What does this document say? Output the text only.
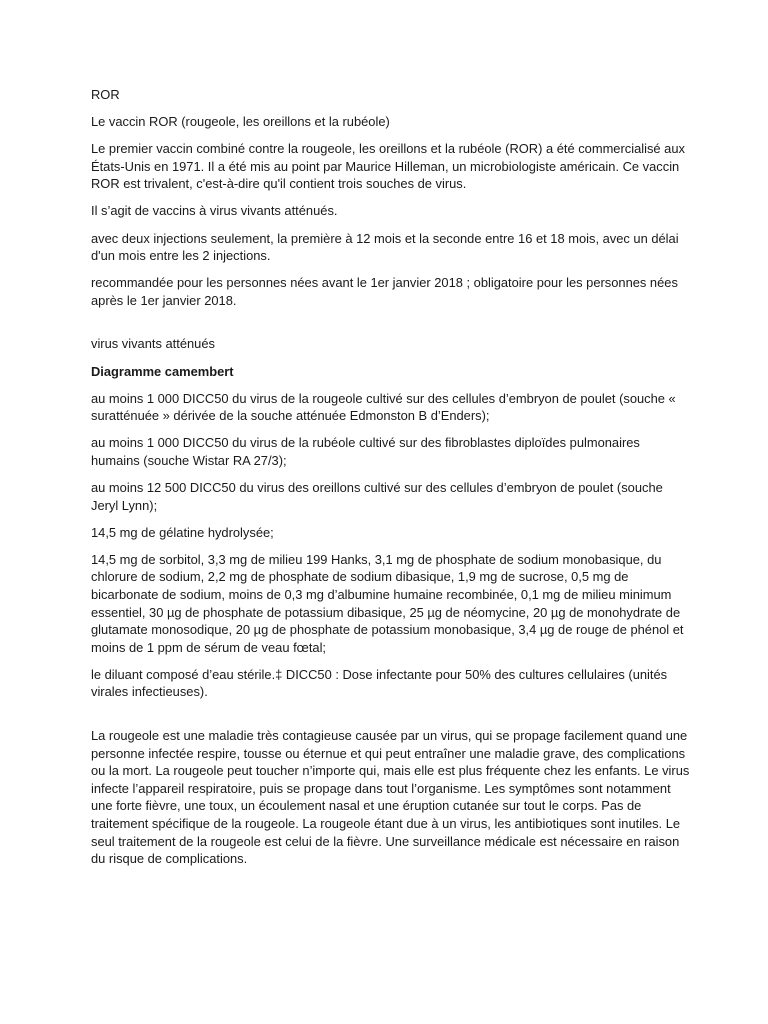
ROR

Le vaccin ROR (rougeole, les oreillons et la rubéole)

Le premier vaccin combiné contre la rougeole, les oreillons et la rubéole (ROR) a été commercialisé aux États-Unis en 1971. Il a été mis au point par Maurice Hilleman, un microbiologiste américain. Ce vaccin ROR est trivalent, c'est-à-dire qu'il contient trois souches de virus.

Il s’agit de vaccins à virus vivants atténués.

avec deux injections seulement, la première à 12 mois et la seconde entre 16 et 18 mois, avec un délai d'un mois entre les 2 injections.

recommandée pour les personnes nées avant le 1er janvier 2018 ; obligatoire pour les personnes nées après le 1er janvier 2018.

virus vivants atténués

Diagramme camembert

au moins 1 000 DICC50 du virus de la rougeole cultivé sur des cellules d’embryon de poulet (souche « suratténuée » dérivée de la souche atténuée Edmonston B d’Enders);

au moins 1 000 DICC50 du virus de la rubéole cultivé sur des fibroblastes diploïdes pulmonaires humains (souche Wistar RA 27/3);

au moins 12 500 DICC50 du virus des oreillons cultivé sur des cellules d’embryon de poulet (souche Jeryl Lynn);

14,5 mg de gélatine hydrolysée;

14,5 mg de sorbitol, 3,3 mg de milieu 199 Hanks, 3,1 mg de phosphate de sodium monobasique, du chlorure de sodium, 2,2 mg de phosphate de sodium dibasique, 1,9 mg de sucrose, 0,5 mg de bicarbonate de sodium, moins de 0,3 mg d’albumine humaine recombinée, 0,1 mg de milieu minimum essentiel, 30 µg de phosphate de potassium dibasique, 25 µg de néomycine, 20 µg de monohydrate de glutamate monosodique, 20 µg de phosphate de potassium monobasique, 3,4 µg de rouge de phénol et moins de 1 ppm de sérum de veau fœtal;

le diluant composé d’eau stérile.‡ DICC50 : Dose infectante pour 50% des cultures cellulaires (unités virales infectieuses).

La rougeole est une maladie très contagieuse causée par un virus, qui se propage facilement quand une personne infectée respire, tousse ou éternue et qui peut entraîner une maladie grave, des complications ou la mort. La rougeole peut toucher n’importe qui, mais elle est plus fréquente chez les enfants. Le virus infecte l’appareil respiratoire, puis se propage dans tout l’organisme. Les symptômes sont notamment une forte fièvre, une toux, un écoulement nasal et une éruption cutanée sur tout le corps. Pas de traitement spécifique de la rougeole. La rougeole étant due à un virus, les antibiotiques sont inutiles. Le seul traitement de la rougeole est celui de la fièvre. Une surveillance médicale est nécessaire en raison du risque de complications.
